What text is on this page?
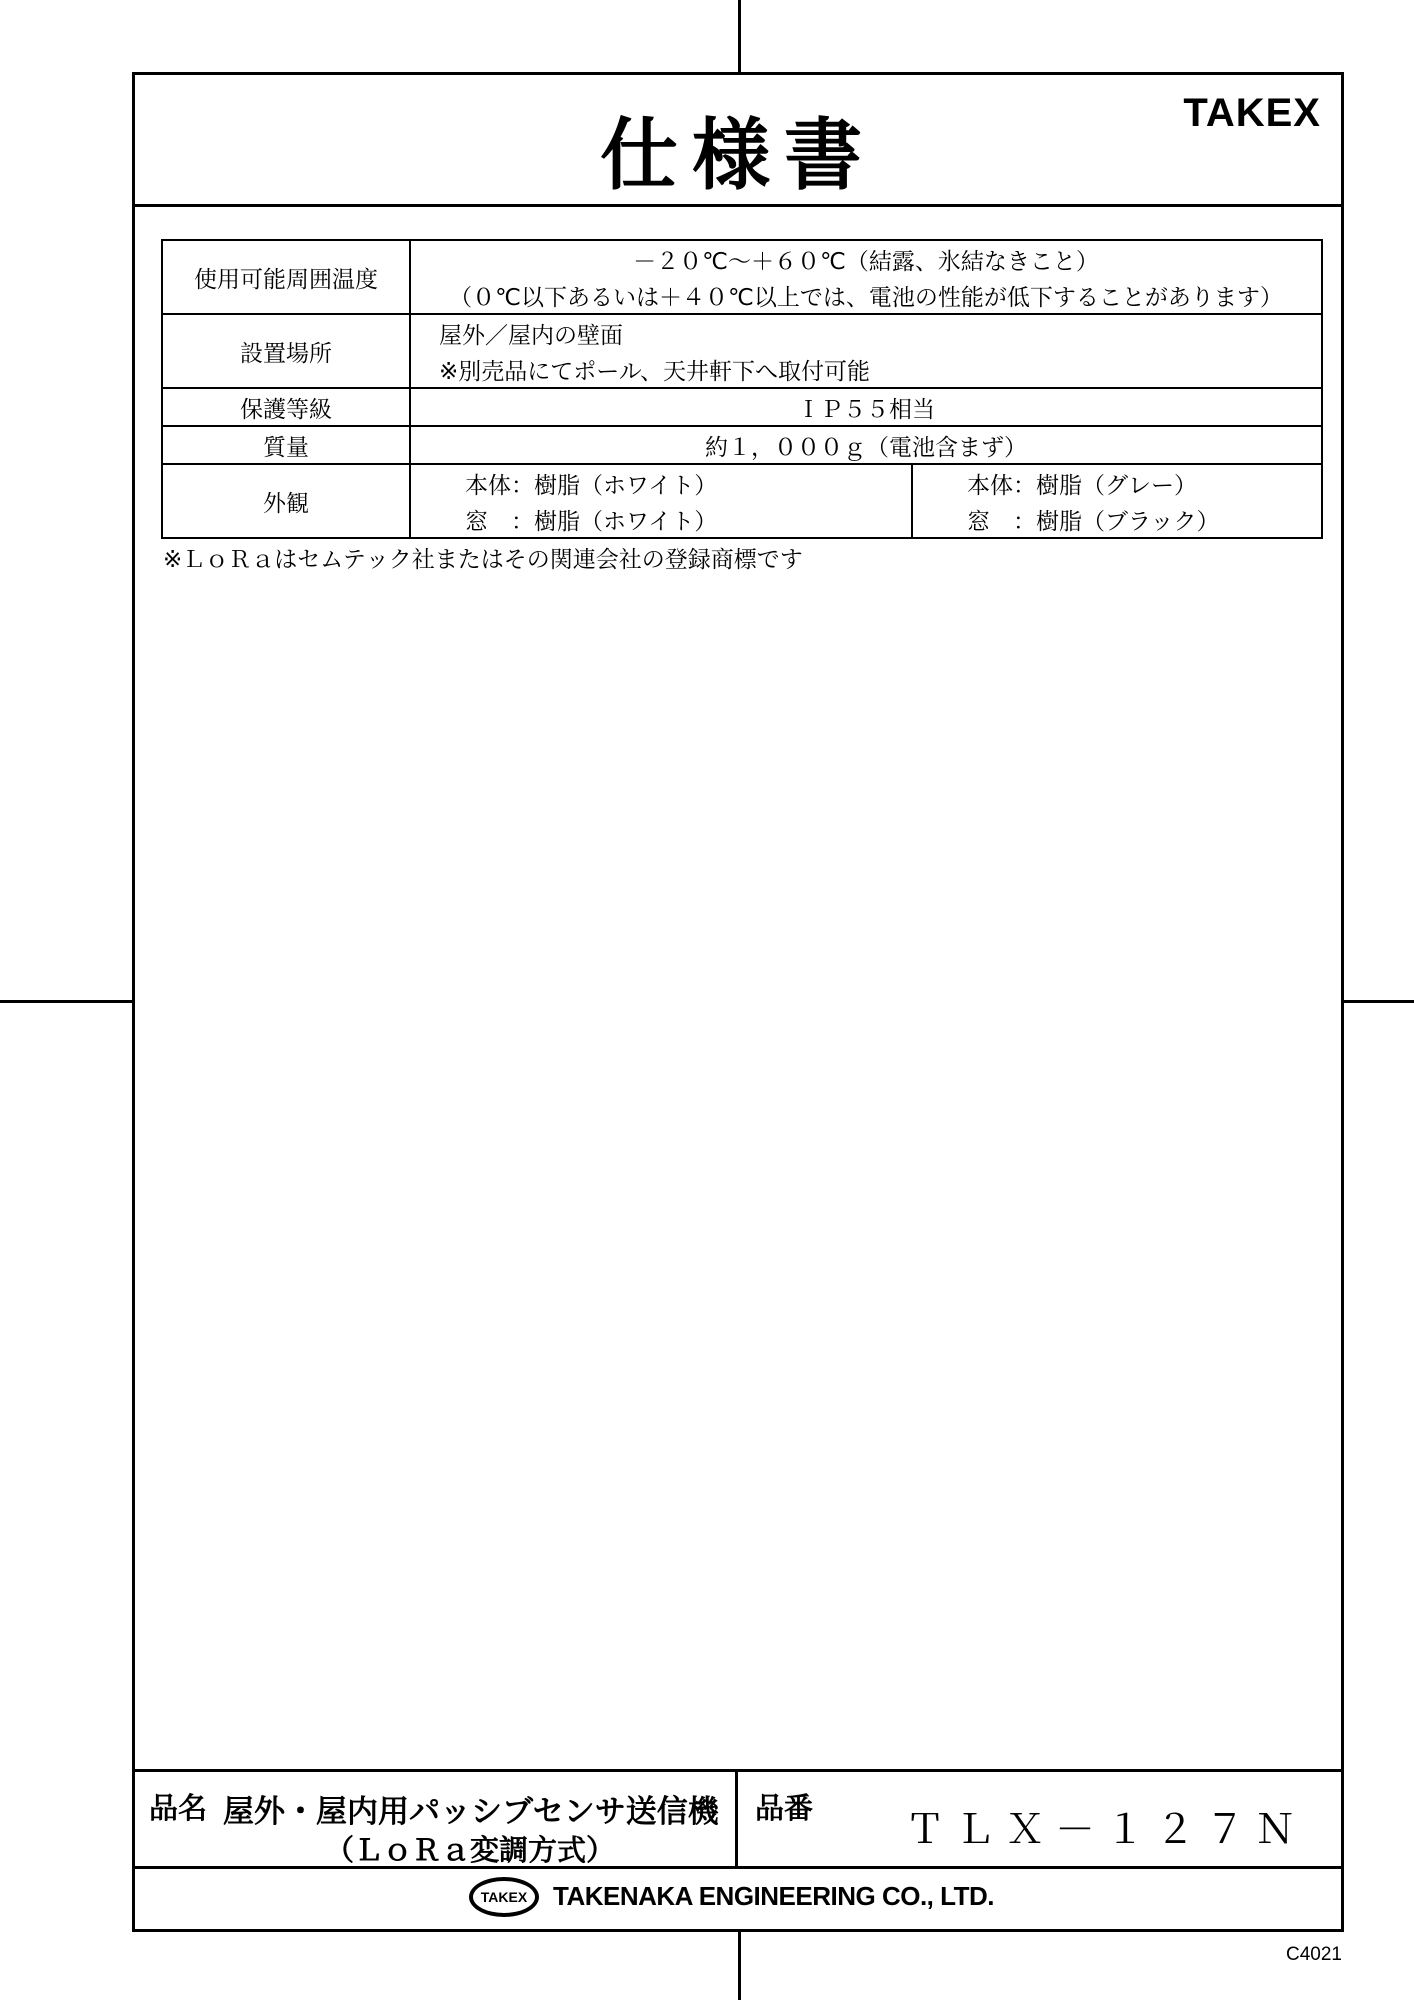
仕様書	TAKEX
使用可能周囲温度	－２０℃～＋６０℃（結露、氷結なきこと）	
	（０℃以下あるいは＋４０℃以上では、電池の性能が低下することがあります）	
設置場所	屋外／屋内の壁面	
	※別売品にてポール、天井軒下へ取付可能	
保護等級	ＩＰ５５相当	
質量	約１，０００ｇ（電池含まず）	
外観	本体：樹脂（ホワイト）	本体：樹脂（グレー）
	窓　：樹脂（ホワイト）	窓　：樹脂（ブラック）
※ＬｏＲａはセムテック社またはその関連会社の登録商標です
品名 屋外・屋内用パッシブセンサ送信機
（ＬｏＲａ変調方式）
品番 ＴＬＸ－１２７Ｎ
TAKEX TAKENAKA ENGINEERING CO., LTD.
C4021
